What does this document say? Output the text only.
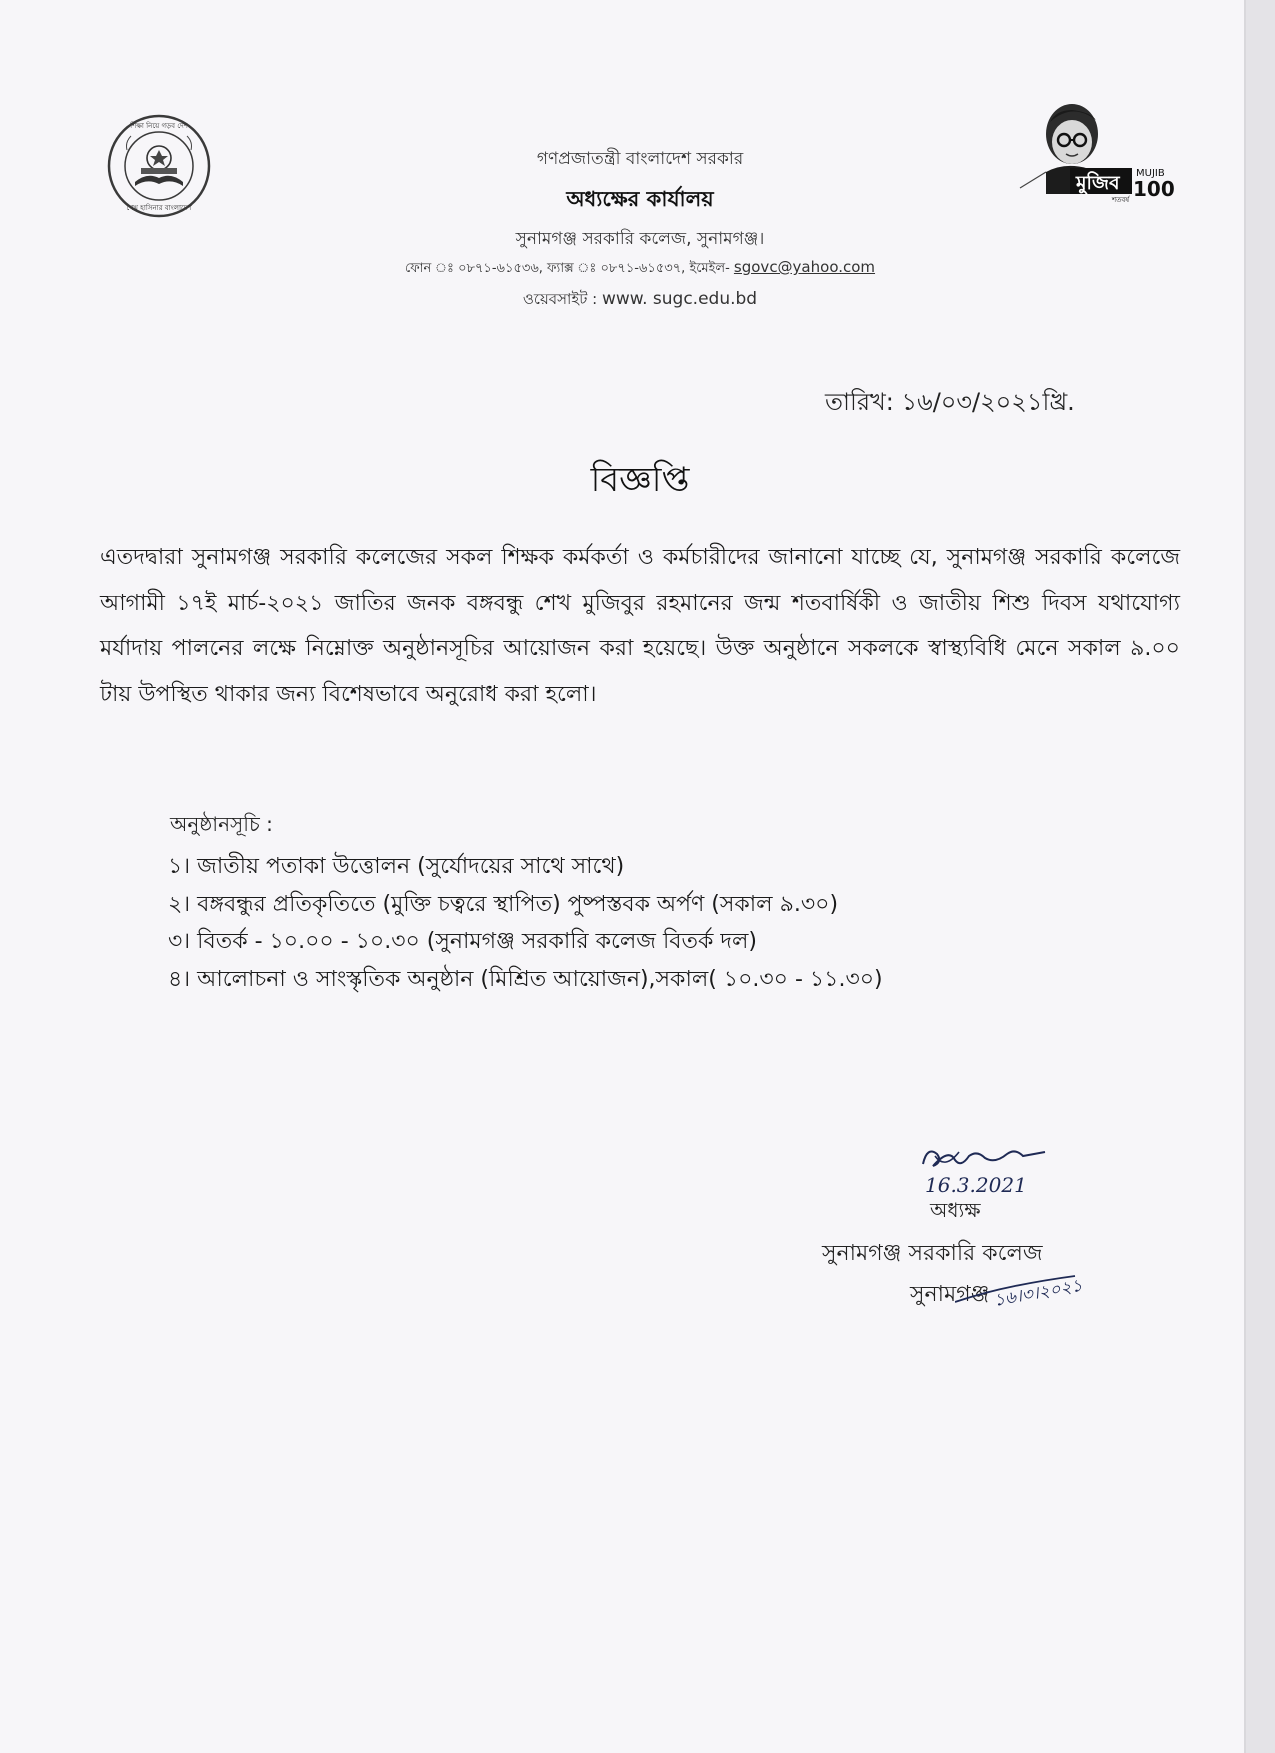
শিক্ষা নিয়ে গড়ব দেশ
শেখ হাসিনার বাংলাদেশ
মুজিব MUJIB
100
শতবর্ষ
গণপ্রজাতন্ত্রী বাংলাদেশ সরকার
অধ্যক্ষের কার্যালয়
সুনামগঞ্জ সরকারি কলেজ, সুনামগঞ্জ।
ফোন ঃ ০৮৭১-৬১৫৩৬, ফ্যাক্স ঃ ০৮৭১-৬১৫৩৭, ইমেইল- sgovc@yahoo.com
ওয়েবসাইট : www. sugc.edu.bd
তারিখ: ১৬/০৩/২০২১খ্রি.
বিজ্ঞপ্তি
এতদদ্বারা সুনামগঞ্জ সরকারি কলেজের সকল শিক্ষক কর্মকর্তা ও কর্মচারীদের জানানো যাচ্ছে যে, সুনামগঞ্জ সরকারি কলেজে আগামী ১৭ই মার্চ-২০২১ জাতির জনক বঙ্গবন্ধু শেখ মুজিবুর রহমানের জন্ম শতবার্ষিকী ও জাতীয় শিশু দিবস যথাযোগ্য মর্যাদায় পালনের লক্ষে নিম্নোক্ত অনুষ্ঠানসূচির আয়োজন করা হয়েছে। উক্ত অনুষ্ঠানে সকলকে স্বাস্থ্যবিধি মেনে সকাল ৯.০০ টায় উপস্থিত থাকার জন্য বিশেষভাবে অনুরোধ করা হলো।
অনুষ্ঠানসূচি :
১। জাতীয় পতাকা উত্তোলন (সুর্যোদয়ের সাথে সাথে)
২। বঙ্গবন্ধুর প্রতিকৃতিতে (মুক্তি চত্বরে স্থাপিত) পুষ্পস্তবক অর্পণ (সকাল ৯.৩০)
৩। বিতর্ক - ১০.০০ - ১০.৩০ (সুনামগঞ্জ সরকারি কলেজ বিতর্ক দল)
৪। আলোচনা ও সাংস্কৃতিক অনুষ্ঠান (মিশ্রিত আয়োজন),সকাল( ১০.৩০ - ১১.৩০)
16.3.2021
অধ্যক্ষ
সুনামগঞ্জ সরকারি কলেজ
সুনামগঞ্জ ১৬।৩।২০২১
